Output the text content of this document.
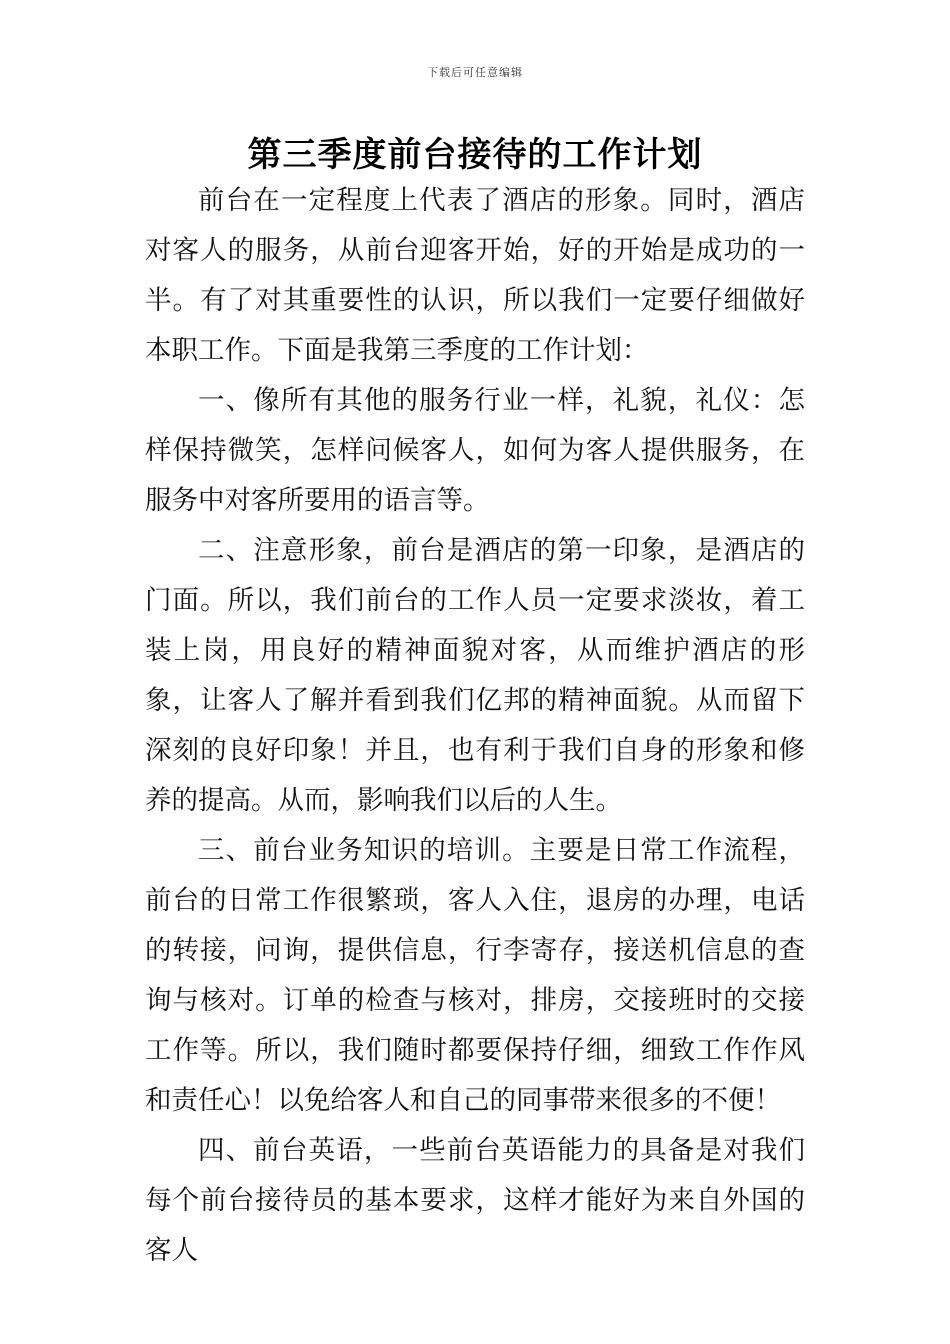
下载后可任意编辑
第三季度前台接待的工作计划

前台在一定程度上代表了酒店的形象。同时，酒店对客人的服务，从前台迎客开始，好的开始是成功的一半。有了对其重要性的认识，所以我们一定要仔细做好本职工作。下面是我第三季度的工作计划：

一、像所有其他的服务行业一样，礼貌，礼仪：怎样保持微笑，怎样问候客人，如何为客人提供服务，在服务中对客所要用的语言等。

二、注意形象，前台是酒店的第一印象，是酒店的门面。所以，我们前台的工作人员一定要求淡妆，着工装上岗，用良好的精神面貌对客，从而维护酒店的形象，让客人了解并看到我们亿邦的精神面貌。从而留下深刻的良好印象！并且，也有利于我们自身的形象和修养的提高。从而，影响我们以后的人生。

三、前台业务知识的培训。主要是日常工作流程，前台的日常工作很繁琐，客人入住，退房的办理，电话的转接，问询，提供信息，行李寄存，接送机信息的查询与核对。订单的检查与核对，排房，交接班时的交接工作等。所以，我们随时都要保持仔细，细致工作作风和责任心！以免给客人和自己的同事带来很多的不便！

四、前台英语，一些前台英语能力的具备是对我们每个前台接待员的基本要求，这样才能好为来自外国的客人
